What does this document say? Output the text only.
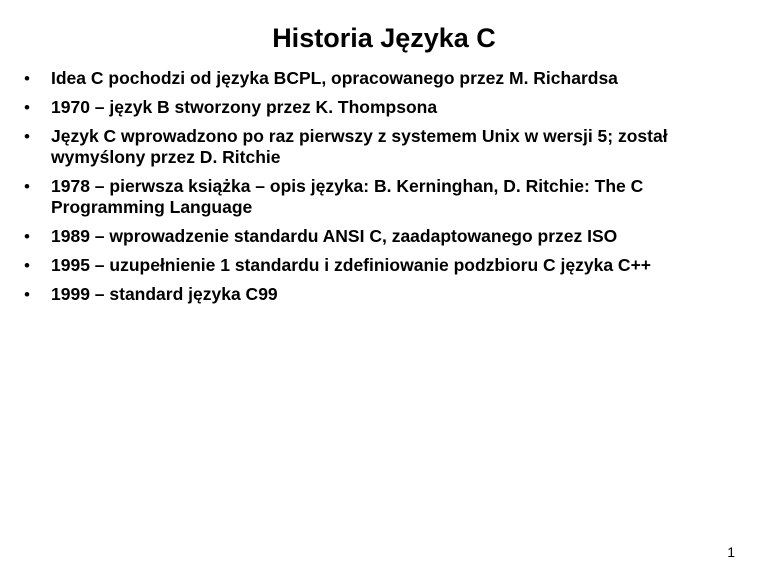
Historia Języka C
• Idea C pochodzi od języka BCPL, opracowanego przez M. Richardsa
• 1970 – język B stworzony przez K. Thompsona
• Język C wprowadzono po raz pierwszy z systemem Unix w wersji 5; został wymyślony przez D. Ritchie
• 1978 – pierwsza książka – opis języka: B. Kerninghan, D. Ritchie: The C Programming Language
• 1989 – wprowadzenie standardu ANSI C, zaadaptowanego przez ISO
• 1995 – uzupełnienie 1 standardu i zdefiniowanie podzbioru C języka C++
• 1999 – standard języka C99
1
